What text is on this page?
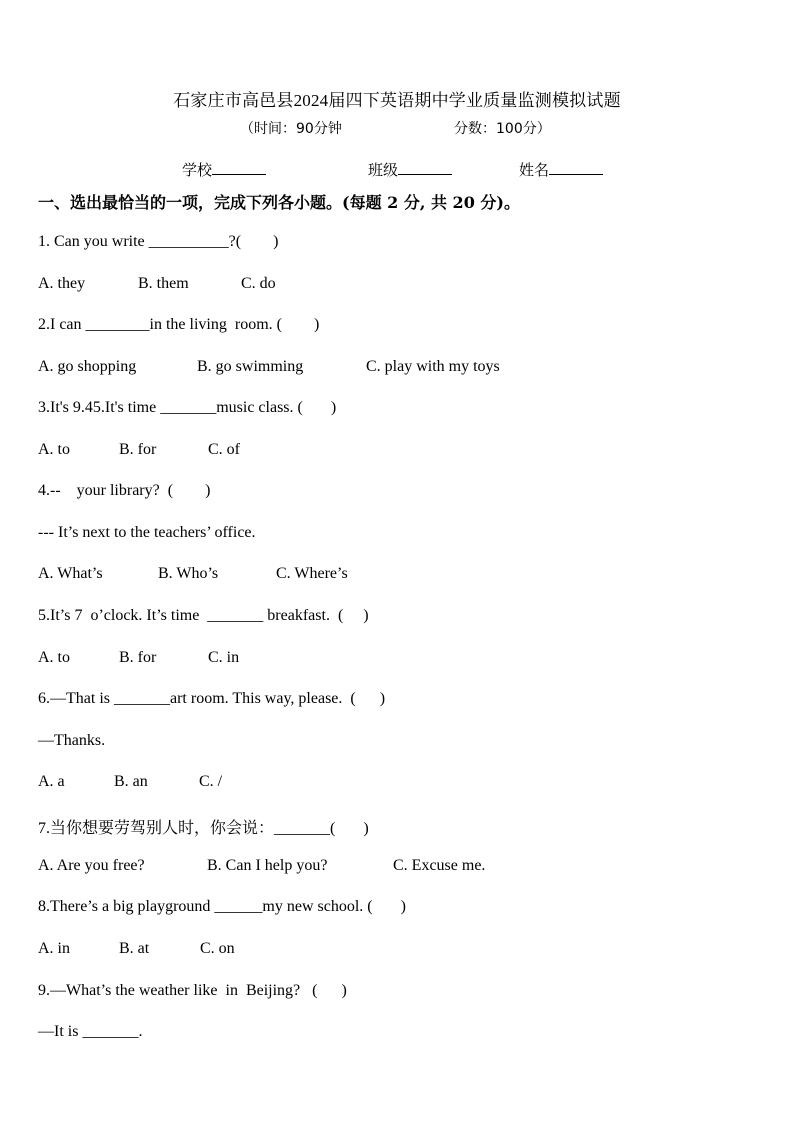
石家庄市高邑县2024届四下英语期中学业质量监测模拟试题
（时间：90分钟	分数：100分）
学校	班级	姓名
一、选出最恰当的一项，完成下列各小题。(每题 2 分, 共 20 分)。
1. Can you write __________?(        )
A. they	B. them	C. do
2.I can ________in the living  room. (        )
A. go shopping	B. go swimming	C. play with my toys
3.It's 9.45.It's time _______music class. (       )
A. to	B. for	C. of
4.--    your library?  (        )
--- It’s next to the teachers’ office.
A. What’s	B. Who’s	C. Where’s
5.It’s 7  o’clock. It’s time  _______ breakfast.  (     )
A. to	B. for	C. in
6.—That is _______art room. This way, please.  (      )
—Thanks.
A. a	B. an	C. /
7.当你想要劳驾别人时，你会说：_______(       )
A. Are you free?	B. Can I help you?	C. Excuse me.
8.There’s a big playground ______my new school. (       )
A. in	B. at	C. on
9.—What’s the weather like  in  Beijing?   (      )
—It is _______.
